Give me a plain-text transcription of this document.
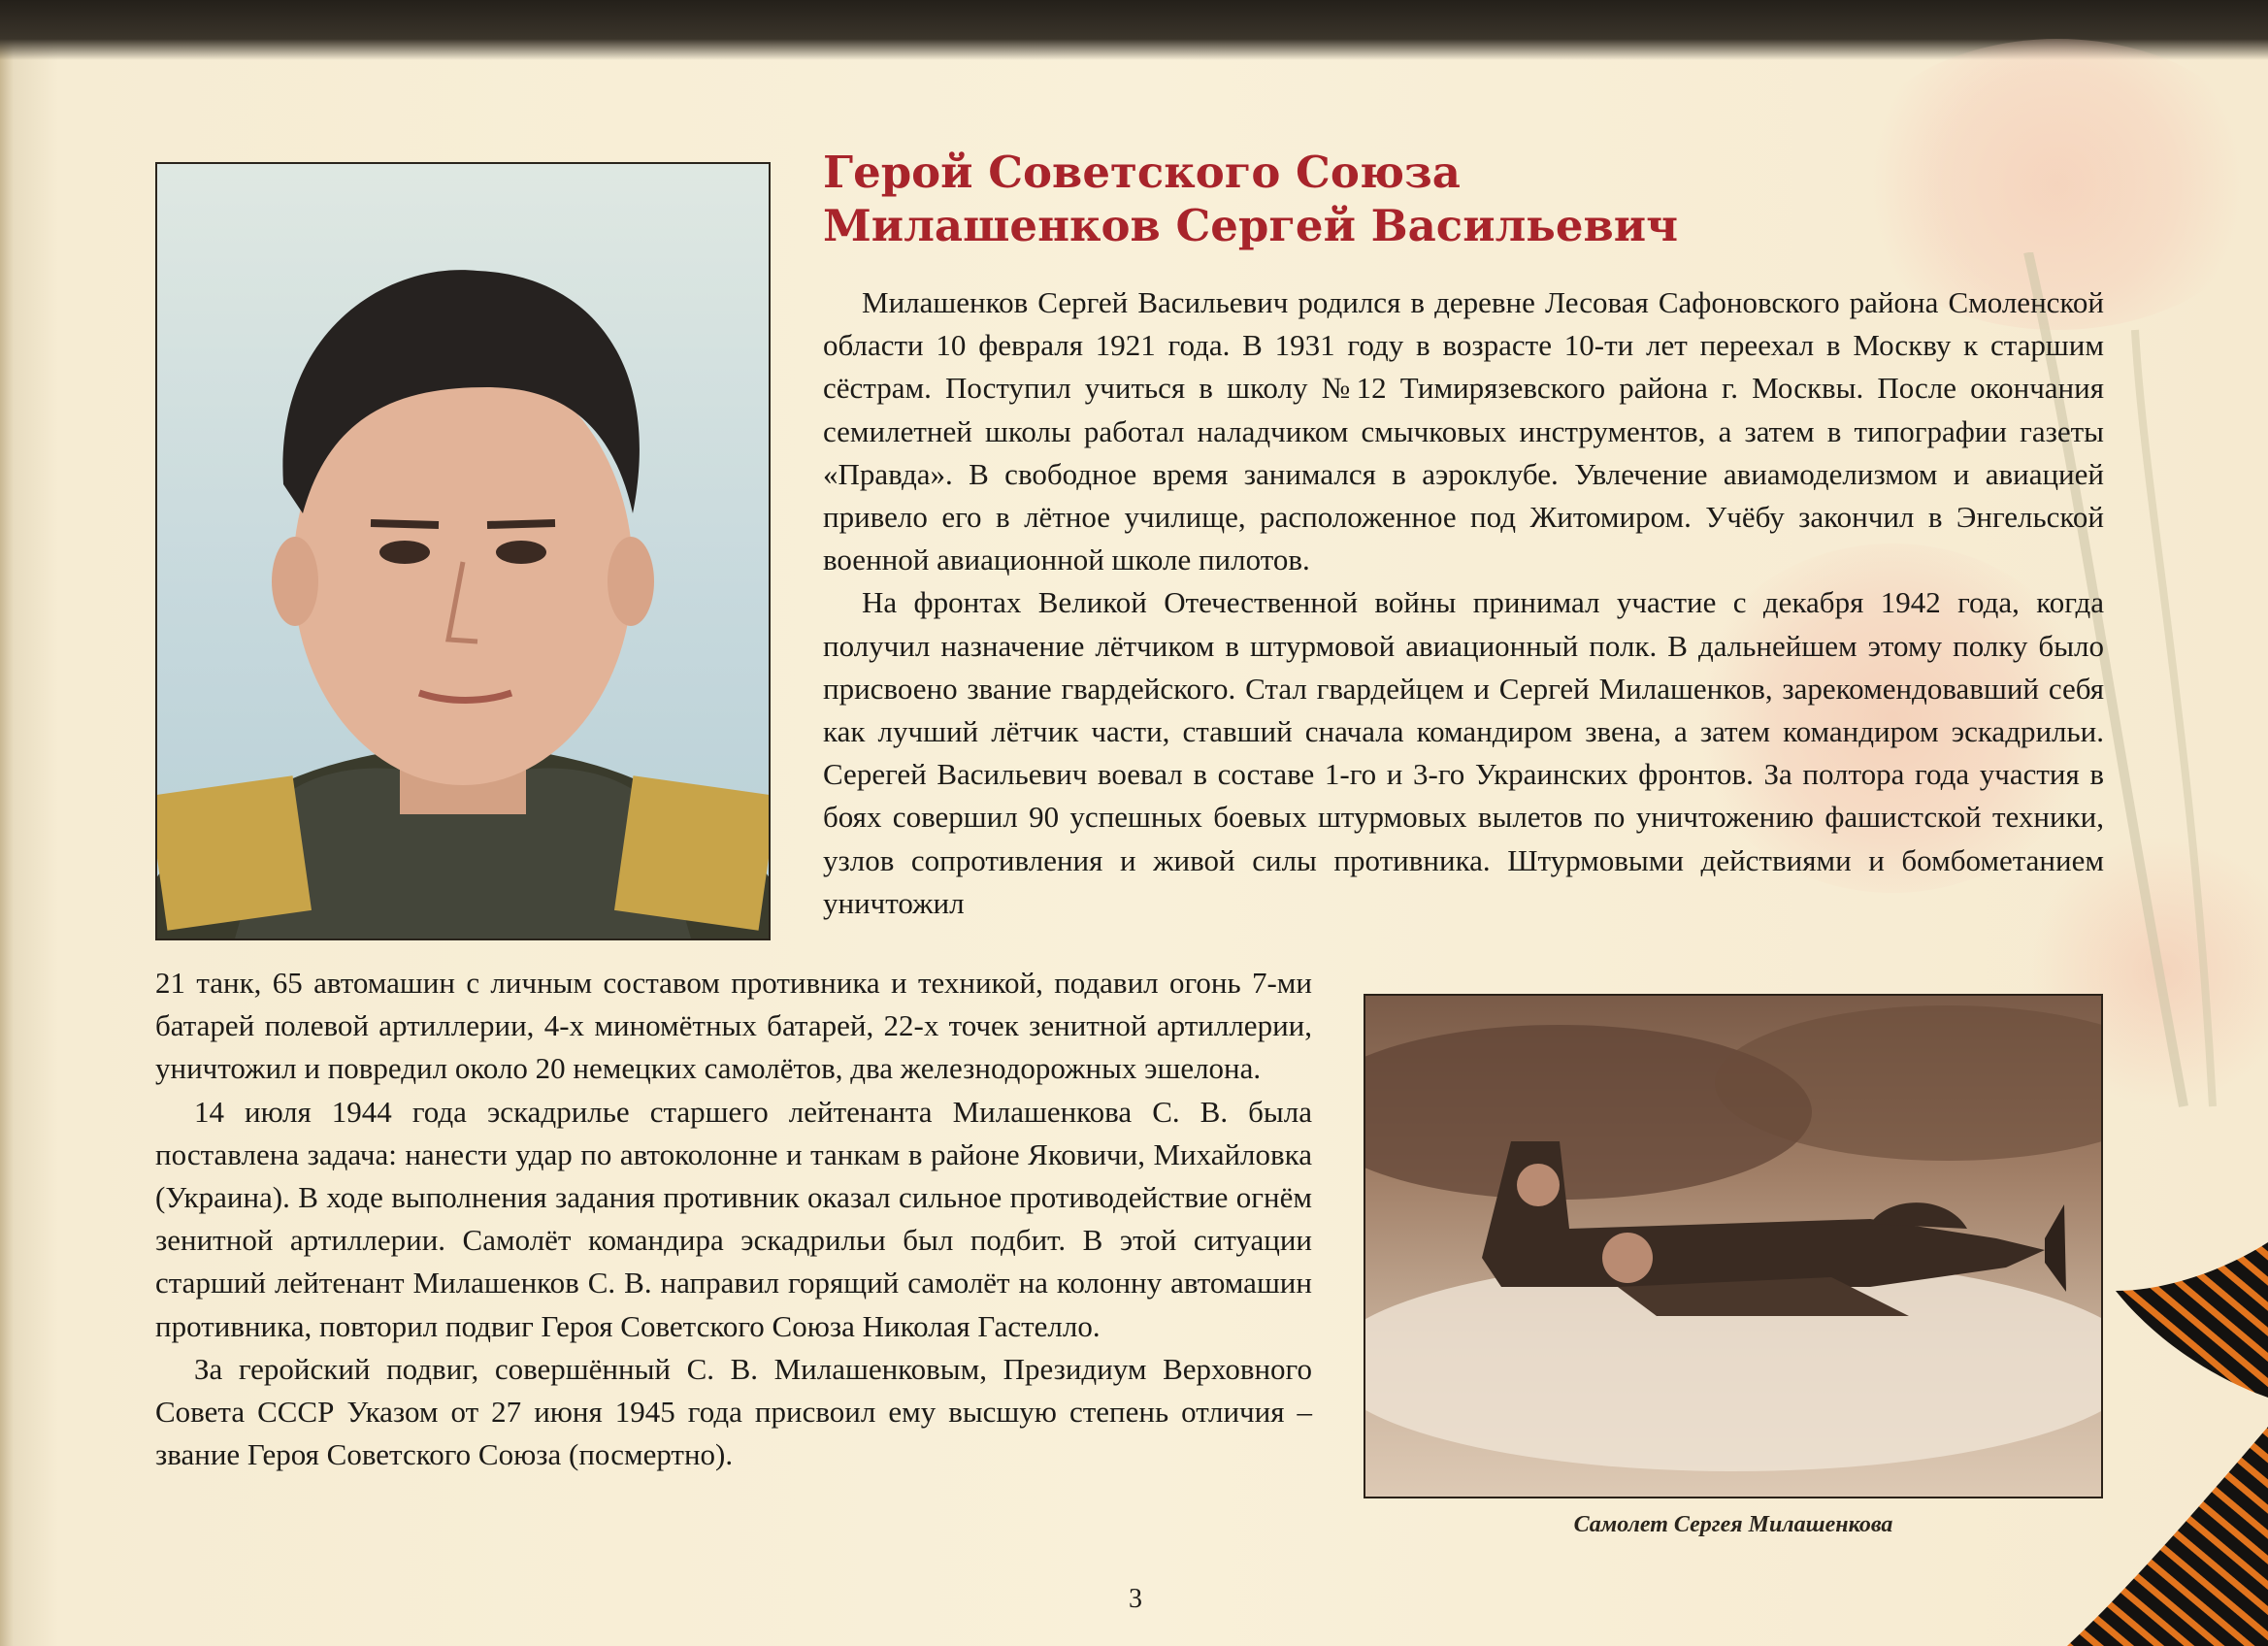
Герой Советского Союза
Милашенков Сергей Васильевич
Милашенков Сергей Васильевич родился в деревне Лесовая Сафоновского района Смоленской области 10 февраля 1921 года. В 1931 году в возрасте 10-ти лет переехал в Москву к старшим сёстрам. Поступил учиться в школу №12 Тимирязевского района г. Москвы. После окончания семилетней школы работал наладчиком смычковых инструментов, а затем в типографии газеты «Правда». В свободное время занимался в аэроклубе. Увлечение авиамоделизмом и авиацией привело его в лётное училище, расположенное под Житомиром. Учёбу закончил в Энгельской военной авиационной школе пилотов.
На фронтах Великой Отечественной войны принимал участие с декабря 1942 года, когда получил назначение лётчиком в штурмовой авиационный полк. В дальнейшем этому полку было присвоено звание гвардейского. Стал гвардейцем и Сергей Милашенков, зарекомендовавший себя как лучший лётчик части, ставший сначала командиром звена, а затем командиром эскадрильи. Серегей Васильевич воевал в составе 1-го и 3-го Украинских фронтов. За полтора года участия в боях совершил 90 успешных боевых штурмовых вылетов по уничтожению фашистской техники, узлов сопротивления и живой силы противника. Штурмовыми действиями и бомбометанием уничтожил
21 танк, 65 автомашин с личным составом противника и техникой, подавил огонь 7-ми батарей полевой артиллерии, 4-х миномётных батарей, 22-х точек зенитной артиллерии, уничтожил и повредил около 20 немецких самолётов, два железнодорожных эшелона.
14 июля 1944 года эскадрилье старшего лейтенанта Милашенкова С. В. была поставлена задача: нанести удар по автоколонне и танкам в районе Яковичи, Михайловка (Украина). В ходе выполнения задания противник оказал сильное противодействие огнём зенитной артиллерии. Самолёт командира эскадрильи был подбит. В этой ситуации старший лейтенант Милашенков С. В. направил горящий самолёт на колонну автомашин противника, повторил подвиг Героя Советского Союза Николая Гастелло.
За геройский подвиг, совершённый С. В. Милашенковым, Президиум Верховного Совета СССР Указом от 27 июня 1945 года присвоил ему высшую степень отличия – звание Героя Советского Союза (посмертно).

Самолет Сергея Милашенкова

3
